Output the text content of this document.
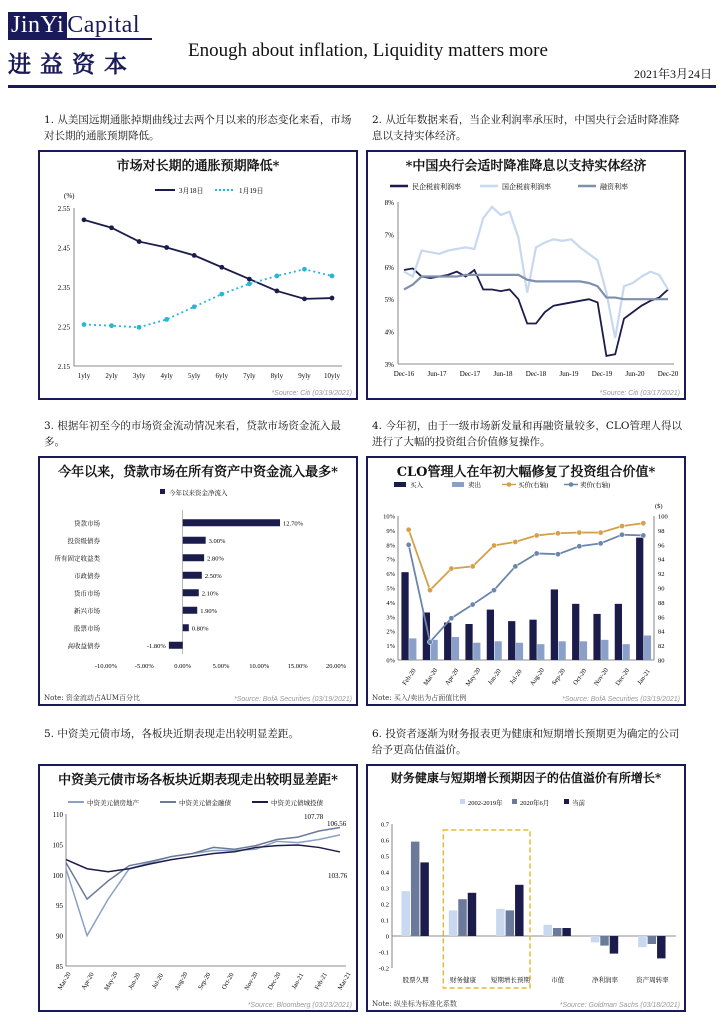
JinYi Capital
进益资本
Enough about inflation, Liquidity matters more
2021年3月24日
1. 从美国远期通胀掉期曲线过去两个月以来的形态变化来看，市场对长期的通胀预期降低。
2. 从近年数据来看，当企业利润率承压时，中国央行会适时降准降息以支持实体经济。
3. 根据年初至今的市场资金流动情况来看，贷款市场资金流入最多。
4. 今年初，由于一级市场新发量和再融资量较多，CLO管理人得以进行了大幅的投资组合价值修复操作。
5. 中资美元债市场，各板块近期表现走出较明显差距。	6. 投资者逐渐为财务报表更为健康和短期增长预期更为确定的公司给予更高估值溢价。
市场对长期的通胀预期降低*
(%)
2.55
2.45
2.35
2.25
2.15
1yly 2yly 3yly 4yly 5yly 6yly 7yly 8yly 9yly 10yly
3月18日	1月19日
*Source: Citi (03/19/2021)
*中国央行会适时降准降息以支持实体经济
8%
7%
6%
5%
4%
3%
Dec-16 Jun-17 Dec-17 Jun-18 Dec-18 Jun-19 Dec-19 Jun-20 Dec-20
民企税前利润率	国企税前利润率	融资利率
*Source: Citi (03/17/2021)
今年以来，贷款市场在所有资产中资金流入最多*
今年以来资金净流入
贷款市场	12.70%
投资级债券	3.00%
所有固定收益类	2.80%
市政债券	2.50%
货币市场	2.10%
新兴市场	1.90%
股票市场	0.80%
高收益债券	-1.80%
-10.00%	-5.00%	0.00%	5.00%	10.00%	15.00%	20.00%
Note: 资金流动占AUM百分比	*Source: BofA Securities (03/19/2021)
CLO管理人在年初大幅修复了投资组合价值*
10%
9%
8%
7%
6%
5%
4%
3%
2%
1%
0%
100
98
96
94
92
90
88
86
84
82
80
($)
买入	卖出	买价(右轴)	卖价(右轴)
Feb-20 Mar-20 Apr-20 May-20 Jun-20 Jul-20 Aug-20 Sep-20 Oct-20 Nov-20 Dec-20 Jan-21
Note: 买入/卖出为占面值比例	*Source: BofA Securities (03/19/2021)
中资美元债市场各板块近期表现走出较明显差距*
110
105
100
95
90
85
Mar-20 Apr-20 May-20 Jun-20 Jul-20 Aug-20 Sep-20 Oct-20 Nov-20 Dec-20 Jan-21 Feb-21 Mar-21
中资美元债房地产	中资美元债金融债	中资美元债城投债
106.56
107.78
103.76
*Source: Bloomberg (03/23/2021)
财务健康与短期增长预期因子的估值溢价有所增长*
0.7
0.6
0.5
0.4
0.3
0.2
0.1
0
-0.1
-0.2
2002-2019年	2020年6月	当前
股票久期	财务健康 短期增长预期	市值	净利润率	资产周转率
Note: 纵坐标为标准化系数	*Source: Goldman Sachs (03/18/2021)
